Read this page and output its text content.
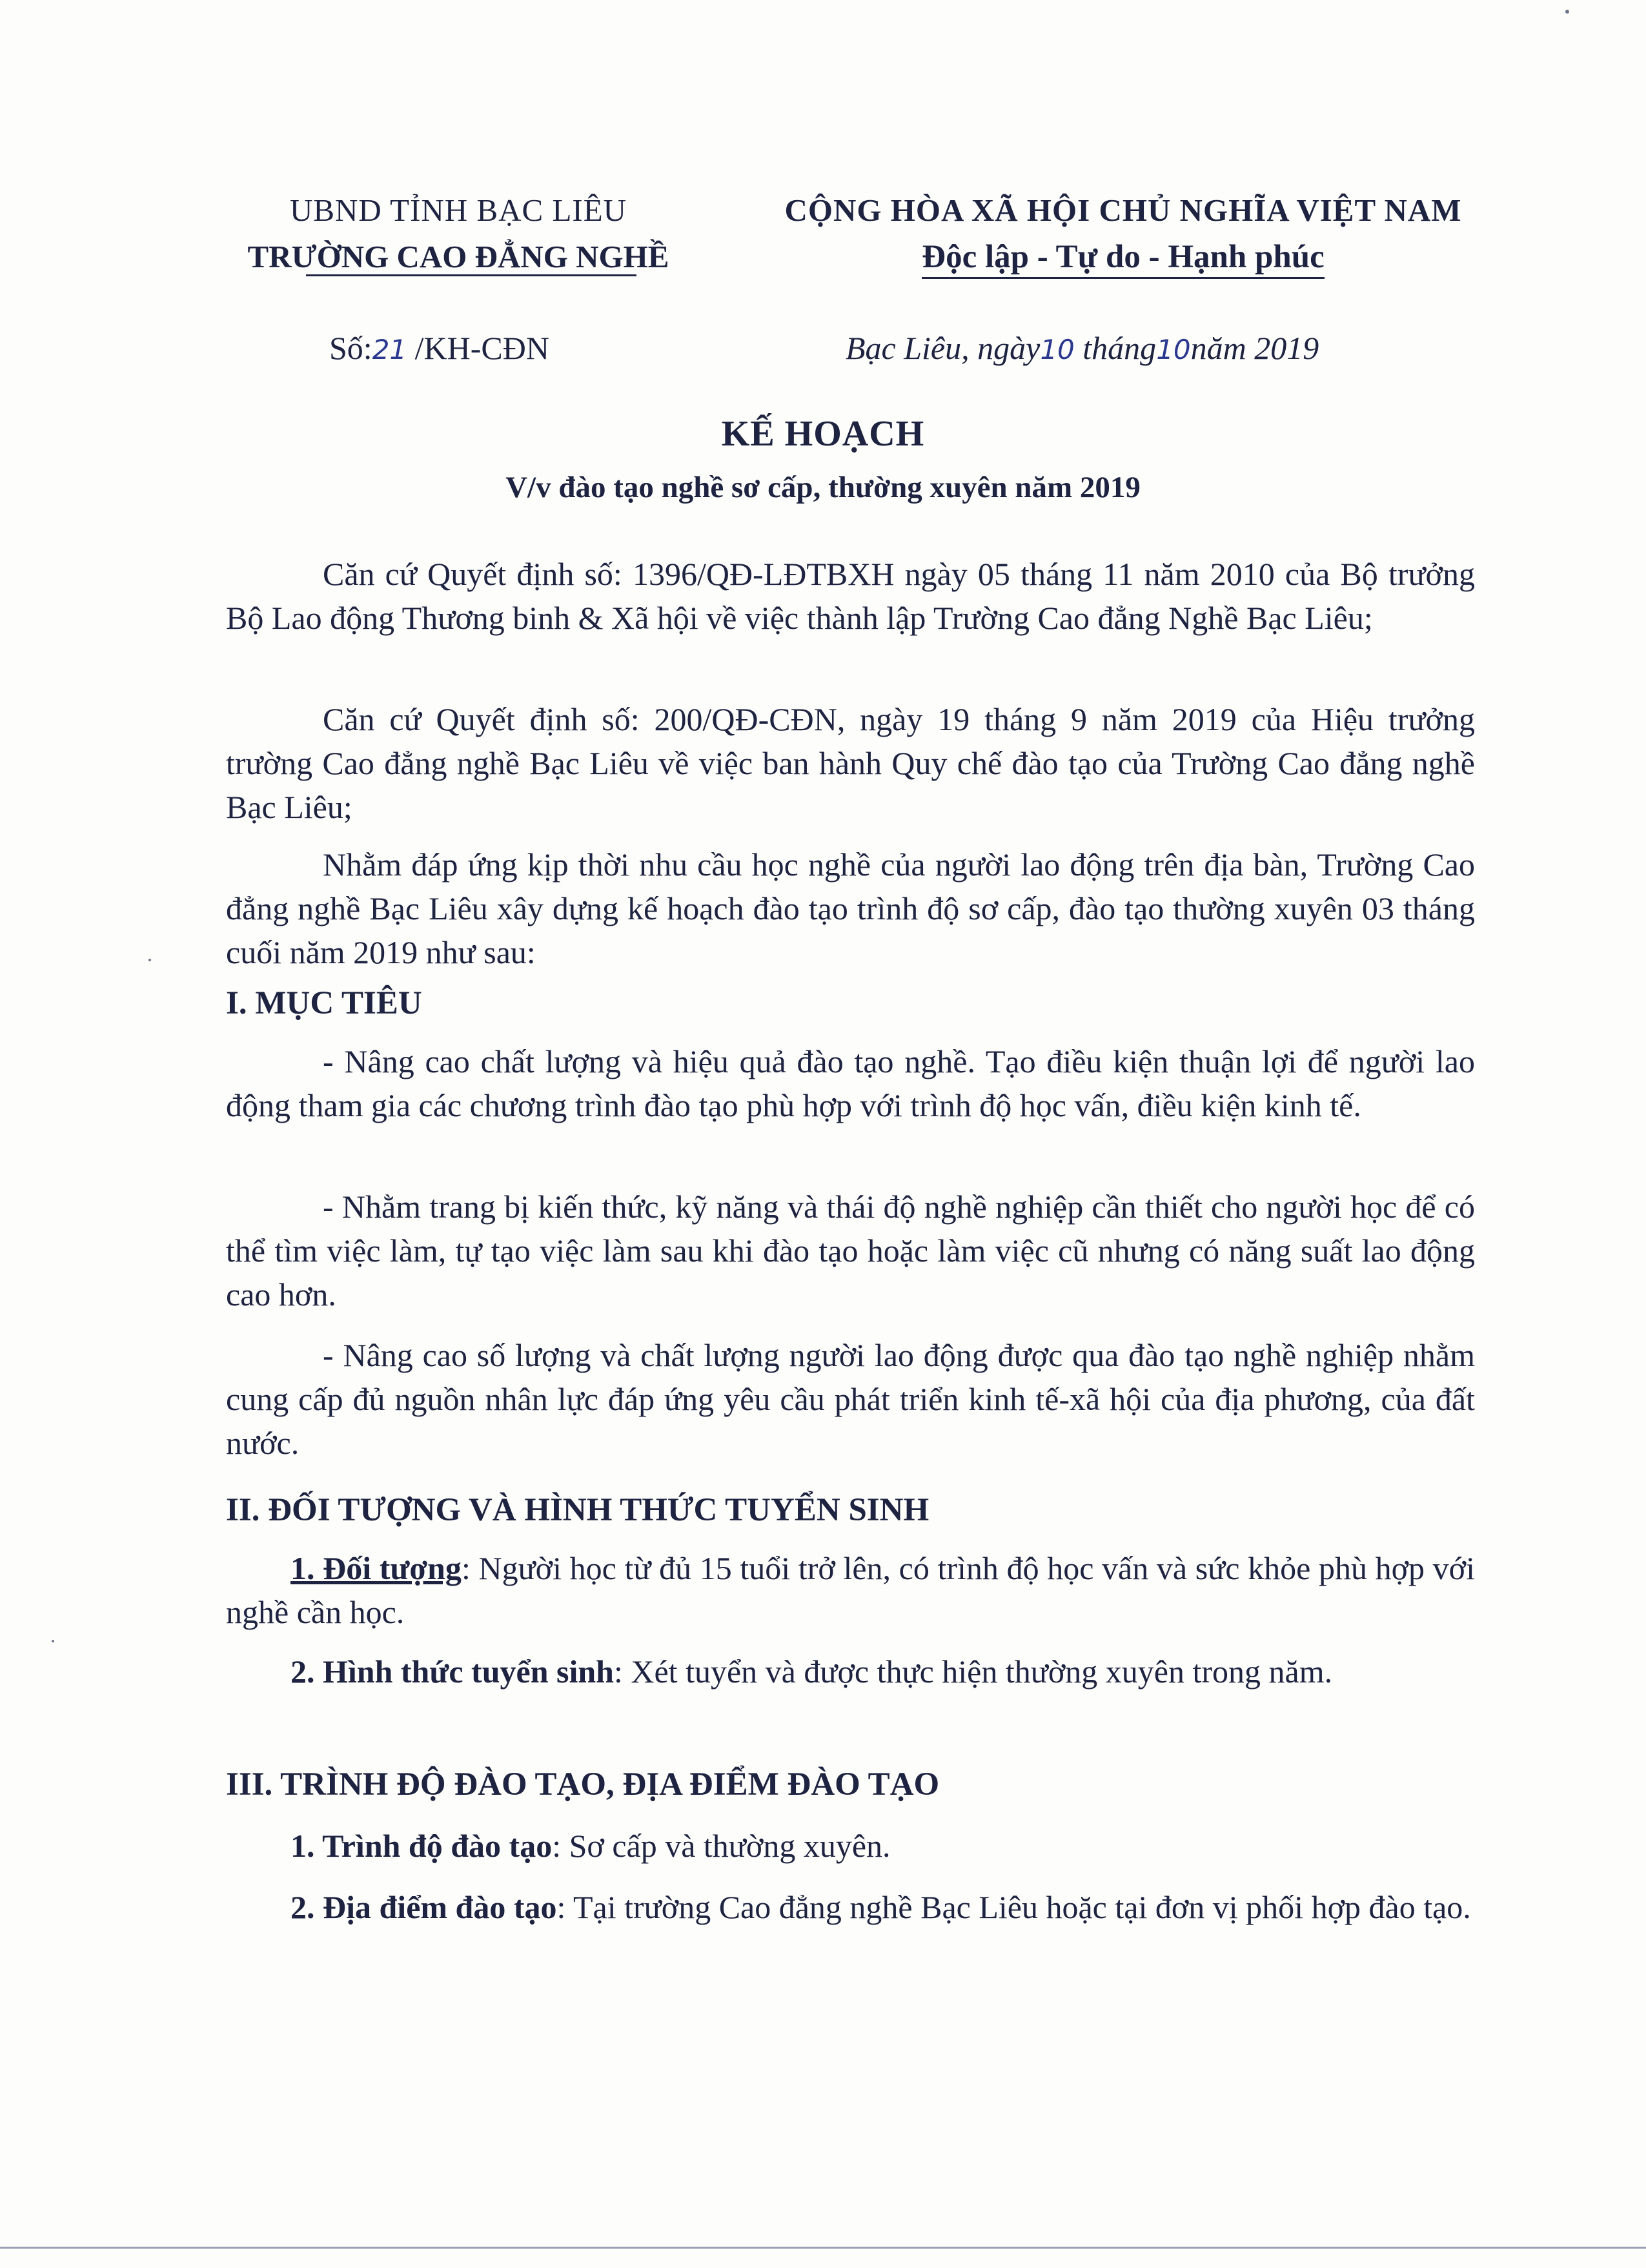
UBND TỈNH BẠC LIÊU
TRƯỜNG CAO ĐẲNG NGHỀ
CỘNG HÒA XÃ HỘI CHỦ NGHĨA VIỆT NAM
Độc lập - Tự do - Hạnh phúc
Số:21 /KH-CĐN	Bạc Liêu, ngày10 tháng10năm 2019
KẾ HOẠCH
V/v đào tạo nghề sơ cấp, thường xuyên năm 2019
Căn cứ Quyết định số: 1396/QĐ-LĐTBXH ngày 05 tháng 11 năm 2010 của Bộ trưởng Bộ Lao động Thương binh & Xã hội về việc thành lập Trường Cao đẳng Nghề Bạc Liêu;
Căn cứ Quyết định số: 200/QĐ-CĐN, ngày 19 tháng 9 năm 2019 của Hiệu trưởng trường Cao đẳng nghề Bạc Liêu về việc ban hành Quy chế đào tạo của Trường Cao đẳng nghề Bạc Liêu;
Nhằm đáp ứng kịp thời nhu cầu học nghề của người lao động trên địa bàn, Trường Cao đẳng nghề Bạc Liêu xây dựng kế hoạch đào tạo trình độ sơ cấp, đào tạo thường xuyên 03 tháng cuối năm 2019 như sau:
I. MỤC TIÊU
- Nâng cao chất lượng và hiệu quả đào tạo nghề. Tạo điều kiện thuận lợi để người lao động tham gia các chương trình đào tạo phù hợp với trình độ học vấn, điều kiện kinh tế.
- Nhằm trang bị kiến thức, kỹ năng và thái độ nghề nghiệp cần thiết cho người học để có thể tìm việc làm, tự tạo việc làm sau khi đào tạo hoặc làm việc cũ nhưng có năng suất lao động cao hơn.
- Nâng cao số lượng và chất lượng người lao động được qua đào tạo nghề nghiệp nhằm cung cấp đủ nguồn nhân lực đáp ứng yêu cầu phát triển kinh tế-xã hội của địa phương, của đất nước.
II. ĐỐI TƯỢNG VÀ HÌNH THỨC TUYỂN SINH
1. Đối tượng: Người học từ đủ 15 tuổi trở lên, có trình độ học vấn và sức khỏe phù hợp với nghề cần học.
2. Hình thức tuyển sinh: Xét tuyển và được thực hiện thường xuyên trong năm.
III. TRÌNH ĐỘ ĐÀO TẠO, ĐỊA ĐIỂM ĐÀO TẠO
1. Trình độ đào tạo: Sơ cấp và thường xuyên.
2. Địa điểm đào tạo: Tại trường Cao đẳng nghề Bạc Liêu hoặc tại đơn vị phối hợp đào tạo.
